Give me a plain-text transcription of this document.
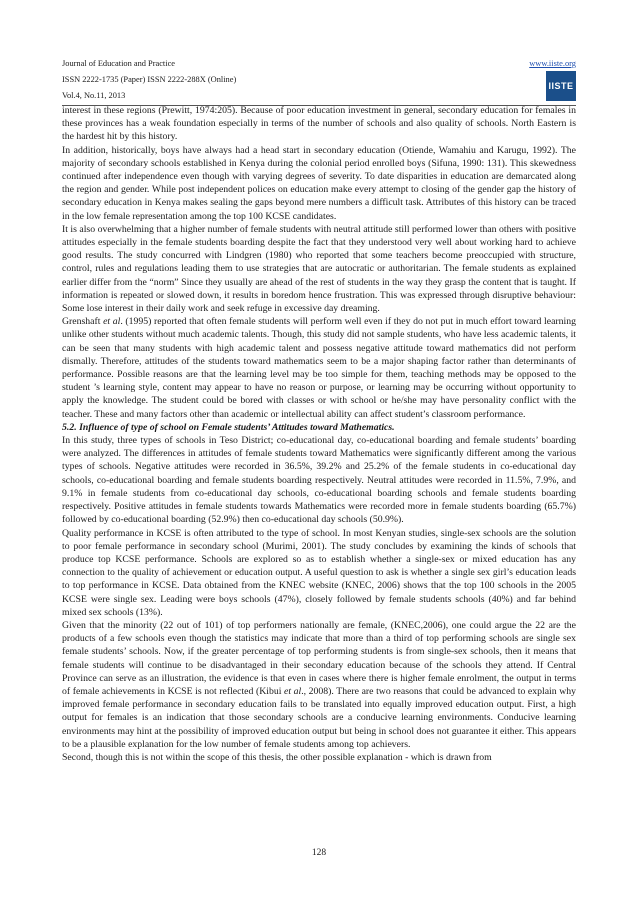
Journal of Education and Practice
ISSN 2222-1735 (Paper) ISSN 2222-288X (Online)
Vol.4, No.11, 2013
www.iiste.org
IISTE

interest in these regions (Prewitt, 1974:205). Because of poor education investment in general, secondary education for females in these provinces has a weak foundation especially in terms of the number of schools and also quality of schools. North Eastern is the hardest hit by this history.

In addition, historically, boys have always had a head start in secondary education (Otiende, Wamahiu and Karugu, 1992). The majority of secondary schools established in Kenya during the colonial period enrolled boys (Sifuna, 1990: 131). This skewedness continued after independence even though with varying degrees of severity. To date disparities in education are demarcated along the region and gender. While post independent polices on education make every attempt to closing of the gender gap the history of secondary education in Kenya makes sealing the gaps beyond mere numbers a difficult task. Attributes of this history can be traced in the low female representation among the top 100 KCSE candidates.

It is also overwhelming that a higher number of female students with neutral attitude still performed lower than others with positive attitudes especially in the female students boarding despite the fact that they understood very well about working hard to achieve good results. The study concurred with Lindgren (1980) who reported that some teachers become preoccupied with structure, control, rules and regulations leading them to use strategies that are autocratic or authoritarian. The female students as explained earlier differ from the “norm” Since they usually are ahead of the rest of students in the way they grasp the content that is taught. If information is repeated or slowed down, it results in boredom hence frustration. This was expressed through disruptive behaviour: Some lose interest in their daily work and seek refuge in excessive day dreaming.

Grenshaft et al. (1995) reported that often female students will perform well even if they do not put in much effort toward learning unlike other students without much academic talents. Though, this study did not sample students, who have less academic talents, it can be seen that many students with high academic talent and possess negative attitude toward mathematics did not perform dismally. Therefore, attitudes of the students toward mathematics seem to be a major shaping factor rather than determinants of performance. Possible reasons are that the learning level may be too simple for them, teaching methods may be opposed to the student ’s learning style, content may appear to have no reason or purpose, or learning may be occurring without opportunity to apply the knowledge. The student could be bored with classes or with school or he/she may have personality conflict with the teacher. These and many factors other than academic or intellectual ability can affect student’s classroom performance.

5.2. Influence of type of school on Female students’ Attitudes toward Mathematics.

In this study, three types of schools in Teso District; co-educational day, co-educational boarding and female students’ boarding were analyzed. The differences in attitudes of female students toward Mathematics were significantly different among the various types of schools. Negative attitudes were recorded in 36.5%, 39.2% and 25.2% of the female students in co-educational day schools, co-educational boarding and female students boarding respectively. Neutral attitudes were recorded in 11.5%, 7.9%, and 9.1% in female students from co-educational day schools, co-educational boarding schools and female students boarding respectively. Positive attitudes in female students towards Mathematics were recorded more in female students boarding (65.7%) followed by co-educational boarding (52.9%) then co-educational day schools (50.9%).

Quality performance in KCSE is often attributed to the type of school. In most Kenyan studies, single-sex schools are the solution to poor female performance in secondary school (Murimi, 2001). The study concludes by examining the kinds of schools that produce top KCSE performance. Schools are explored so as to establish whether a single-sex or mixed education has any connection to the quality of achievement or education output. A useful question to ask is whether a single sex girl’s education leads to top performance in KCSE. Data obtained from the KNEC website (KNEC, 2006) shows that the top 100 schools in the 2005 KCSE were single sex. Leading were boys schools (47%), closely followed by female students schools (40%) and far behind mixed sex schools (13%).

Given that the minority (22 out of 101) of top performers nationally are female, (KNEC,2006), one could argue the 22 are the products of a few schools even though the statistics may indicate that more than a third of top performing schools are single sex female students’ schools. Now, if the greater percentage of top performing students is from single-sex schools, then it means that female students will continue to be disadvantaged in their secondary education because of the schools they attend. If Central Province can serve as an illustration, the evidence is that even in cases where there is higher female enrolment, the output in terms of female achievements in KCSE is not reflected (Kibui et al., 2008). There are two reasons that could be advanced to explain why improved female performance in secondary education fails to be translated into equally improved education output. First, a high output for females is an indication that those secondary schools are a conducive learning environments. Conducive learning environments may hint at the possibility of improved education output but being in school does not guarantee it either. This appears to be a plausible explanation for the low number of female students among top achievers.

Second, though this is not within the scope of this thesis, the other possible explanation - which is drawn from

128
